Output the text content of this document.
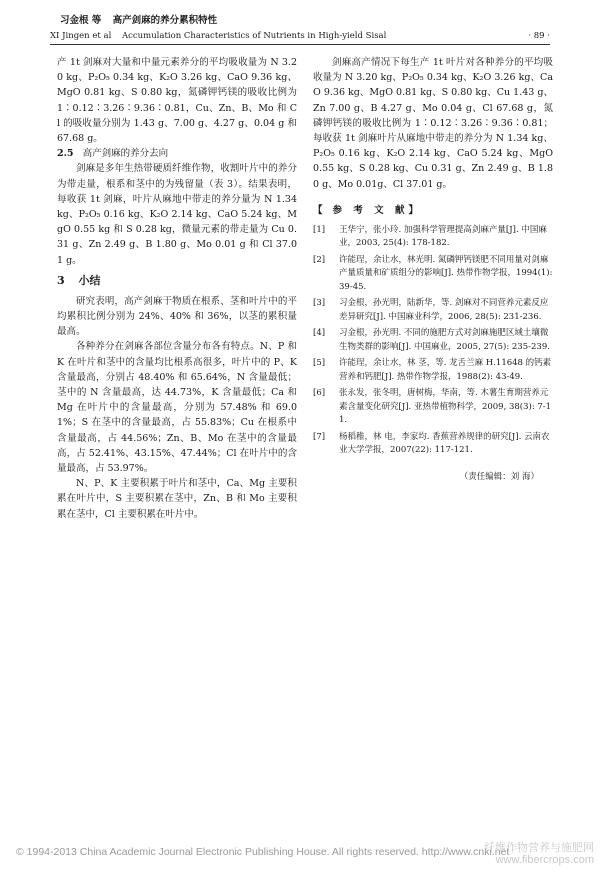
习金根 等 高产剑麻的养分累积特性
XI Jingen et al Accumulation Characteristics of Nutrients in High-yield Sisal	· 89 ·

产 1t 剑麻对大量和中量元素养分的平均吸收量为 N 3.20 kg、P₂O₅ 0.34 kg、K₂O 3.26 kg、CaO 9.36 kg、MgO 0.81 kg、S 0.80 kg，氮磷钾钙镁的吸收比例为 1∶0.12∶3.26∶9.36∶0.81，Cu、Zn、B、Mo 和 Cl 的吸收量分别为 1.43 g、7.00 g、4.27 g、0.04 g 和 67.68 g。

2.5 高产剑麻的养分去向

剑麻是多年生热带硬质纤维作物，收割叶片中的养分为带走量，根系和茎中的为残留量（表 3）。结果表明，每收获 1t 剑麻，叶片从麻地中带走的养分量为 N 1.34 kg、P₂O₅ 0.16 kg、K₂O 2.14 kg、CaO 5.24 kg、MgO 0.55 kg 和 S 0.28 kg，微量元素的带走量为 Cu 0.31 g、Zn 2.49 g、B 1.80 g、Mo 0.01 g 和 Cl 37.01 g。

3 小结

研究表明，高产剑麻干物质在根系、茎和叶片中的平均累积比例分别为 24%、40% 和 36%，以茎的累积量最高。

各种养分在剑麻各部位含量分布各有特点。N、P 和 K 在叶片和茎中的含量均比根系高很多，叶片中的 P、K 含量最高，分别占 48.40% 和 65.64%，N 含量最低；茎中的 N 含量最高，达 44.73%，K 含量最低；Ca 和 Mg 在叶片中的含量最高，分别为 57.48% 和 69.01%；S 在茎中的含量最高，占 55.83%；Cu 在根系中含量最高，占 44.56%；Zn、B、Mo 在茎中的含量最高，占 52.41%、43.15%、47.44%；Cl 在叶片中的含量最高，占 53.97%。

N、P、K 主要积累于叶片和茎中，Ca、Mg 主要积累在叶片中，S 主要积累在茎中，Zn、B 和 Mo 主要积累在茎中，Cl 主要积累在叶片中。

剑麻高产情况下每生产 1t 叶片对各种养分的平均吸收量为 N 3.20 kg、P₂O₅ 0.34 kg、K₂O 3.26 kg、CaO 9.36 kg、MgO 0.81 kg、S 0.80 kg、Cu 1.43 g、Zn 7.00 g、B 4.27 g、Mo 0.04 g、Cl 67.68 g，氮磷钾钙镁的吸收比例为 1∶0.12∶3.26∶9.36∶0.81；每收获 1t 剑麻叶片从麻地中带走的养分为 N 1.34 kg、P₂O₅ 0.16 kg、K₂O 2.14 kg、CaO 5.24 kg、MgO 0.55 kg、S 0.28 kg、Cu 0.31 g、Zn 2.49 g、B 1.80 g、Mo 0.01g、Cl 37.01 g。

【 参 考 文 献】
[1]	王华宁，张小玲. 加强科学管理提高剑麻产量[J]. 中国麻业，2003, 25(4): 178-182.
[2]	许能珵，余让水，林光明. 氮磷钾钙镁肥不同用量对剑麻产量质量和矿质组分的影响[J]. 热带作物学报，1994(1): 39-45.
[3]	习金根，孙光明，陆新华，等. 剑麻对不同营养元素反应差异研究[J]. 中国麻业科学，2006, 28(5): 231-236.
[4]	习金根，孙光明. 不同的施肥方式对剑麻施肥区域土壤微生物类群的影响[J]. 中国麻业，2005, 27(5): 235-239.
[5]	许能珵，余让水，林 茎，等. 龙舌兰麻 H.11648 的钙素营养和钙肥[J]. 热带作物学报，1988(2): 43-49.
[6]	张永发，张冬明，唐树梅，华南，等. 木薯生育期营养元素含量变化研究[J]. 亚热带植物科学，2009, 38(3): 7-11.
[7]	杨稻稚，林 电，李家均. 香蕉营养规律的研究[J]. 云南农业大学学报，2007(22): 117-121.
（责任编辑：刘 海）
© 1994-2013 China Academic Journal Electronic Publishing House. All rights reserved. http://www.cnki.net
纤维作物营养与施肥网
www.fibercrops.com
